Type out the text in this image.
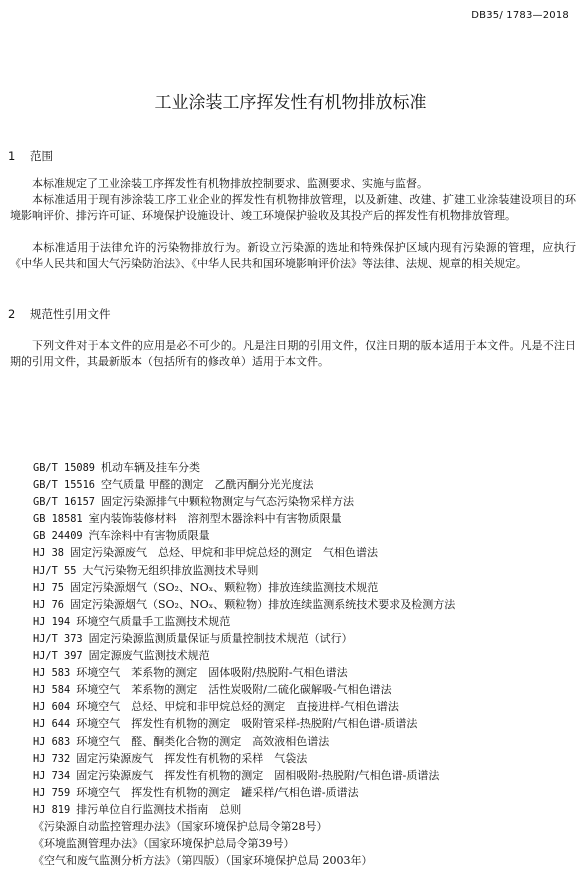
DB35/ 1783—2018
工业涂装工序挥发性有机物排放标准
1 范围

本标准规定了工业涂装工序挥发性有机物排放控制要求、监测要求、实施与监督。

本标准适用于现有涉涂装工序工业企业的挥发性有机物排放管理，以及新建、改建、扩建工业涂装建设项目的环境影响评价、排污许可证、环境保护设施设计、竣工环境保护验收及其投产后的挥发性有机物排放管理。

本标准适用于法律允许的污染物排放行为。新设立污染源的选址和特殊保护区域内现有污染源的管理，应执行《中华人民共和国大气污染防治法》、《中华人民共和国环境影响评价法》等法律、法规、规章的相关规定。

2 规范性引用文件

下列文件对于本文件的应用是必不可少的。凡是注日期的引用文件，仅注日期的版本适用于本文件。凡是不注日期的引用文件，其最新版本（包括所有的修改单）适用于本文件。

GB/T 15089 机动车辆及挂车分类
GB/T 15516 空气质量 甲醛的测定　乙酰丙酮分光光度法
GB/T 16157 固定污染源排气中颗粒物测定与气态污染物采样方法
GB 18581 室内装饰装修材料　溶剂型木器涂料中有害物质限量
GB 24409 汽车涂料中有害物质限量
HJ 38 固定污染源废气　总烃、甲烷和非甲烷总烃的测定　气相色谱法
HJ/T 55 大气污染物无组织排放监测技术导则
HJ 75 固定污染源烟气（SO₂、NOₓ、颗粒物）排放连续监测技术规范
HJ 76 固定污染源烟气（SO₂、NOₓ、颗粒物）排放连续监测系统技术要求及检测方法
HJ 194 环境空气质量手工监测技术规范
HJ/T 373 固定污染源监测质量保证与质量控制技术规范（试行）
HJ/T 397 固定源废气监测技术规范
HJ 583 环境空气　苯系物的测定　固体吸附/热脱附-气相色谱法
HJ 584 环境空气　苯系物的测定　活性炭吸附/二硫化碳解吸-气相色谱法
HJ 604 环境空气　总烃、甲烷和非甲烷总烃的测定　直接进样-气相色谱法
HJ 644 环境空气　挥发性有机物的测定　吸附管采样-热脱附/气相色谱-质谱法
HJ 683 环境空气　醛、酮类化合物的测定　高效液相色谱法
HJ 732 固定污染源废气　挥发性有机物的采样　气袋法
HJ 734 固定污染源废气　挥发性有机物的测定　固相吸附-热脱附/气相色谱-质谱法
HJ 759 环境空气　挥发性有机物的测定　罐采样/气相色谱-质谱法
HJ 819 排污单位自行监测技术指南　总则
《污染源自动监控管理办法》（国家环境保护总局令第28号）
《环境监测管理办法》（国家环境保护总局令第39号）
《空气和废气监测分析方法》（第四版）（国家环境保护总局 2003年）
